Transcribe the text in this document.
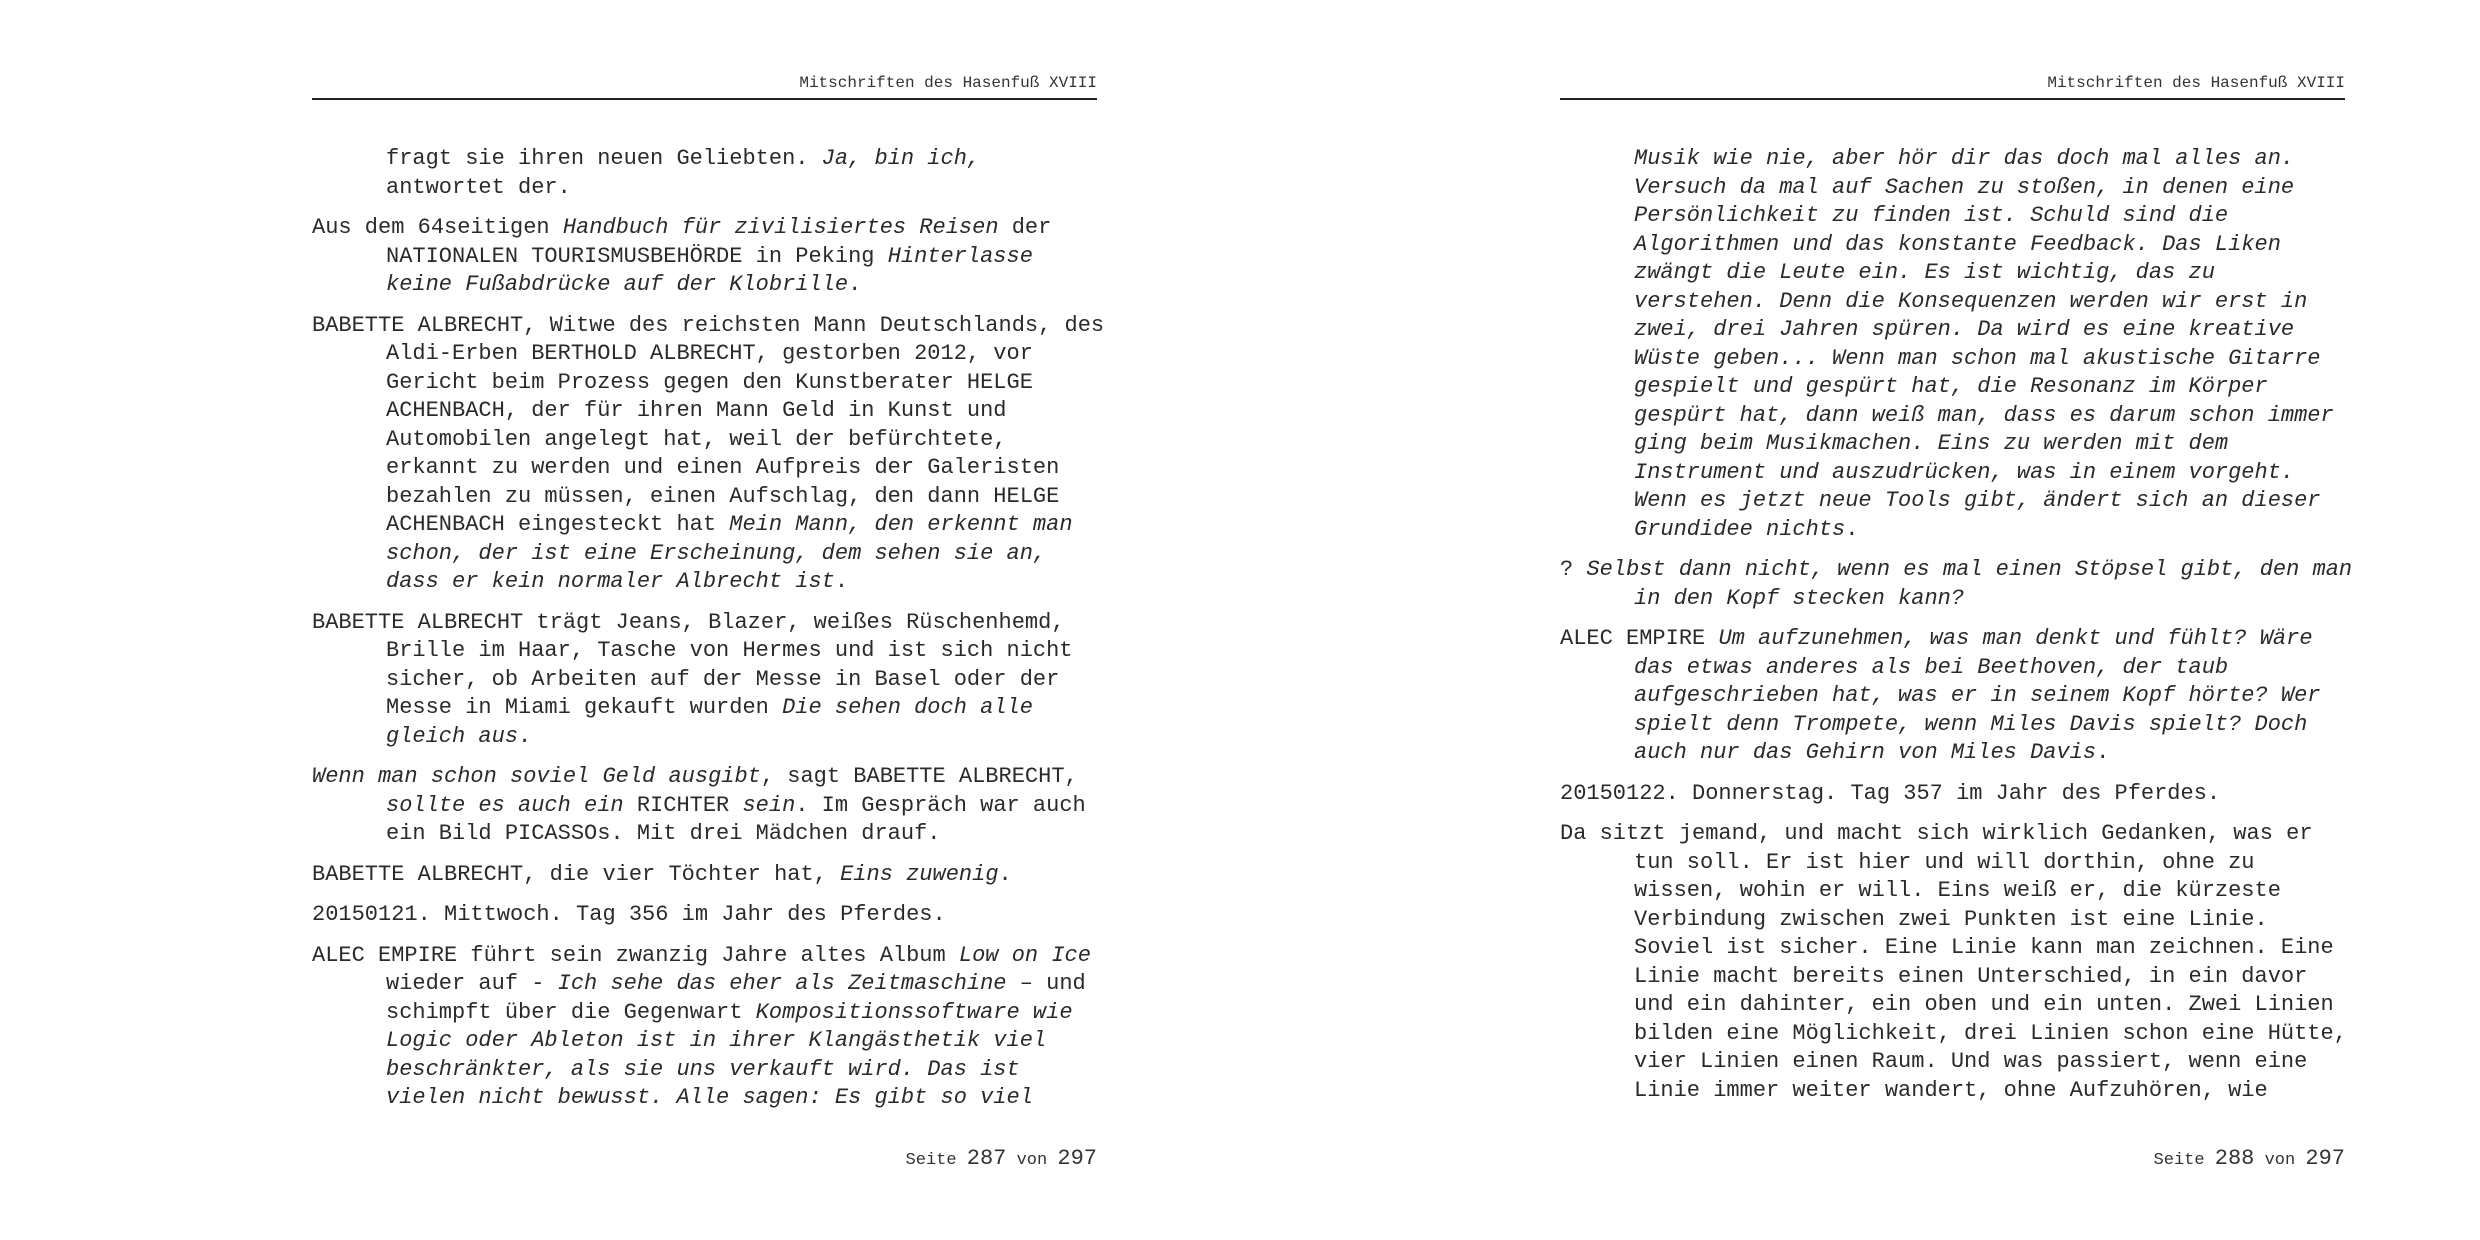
Mitschriften des Hasenfuß XVIII

fragt sie ihren neuen Geliebten. Ja, bin ich,
antwortet der.

Aus dem 64seitigen Handbuch für zivilisiertes Reisen der
NATIONALEN TOURISMUSBEHÖRDE in Peking Hinterlasse
keine Fußabdrücke auf der Klobrille.

BABETTE ALBRECHT, Witwe des reichsten Mann Deutschlands, des
Aldi-Erben BERTHOLD ALBRECHT, gestorben 2012, vor
Gericht beim Prozess gegen den Kunstberater HELGE
ACHENBACH, der für ihren Mann Geld in Kunst und
Automobilen angelegt hat, weil der befürchtete,
erkannt zu werden und einen Aufpreis der Galeristen
bezahlen zu müssen, einen Aufschlag, den dann HELGE
ACHENBACH eingesteckt hat Mein Mann, den erkennt man
schon, der ist eine Erscheinung, dem sehen sie an,
dass er kein normaler Albrecht ist.

BABETTE ALBRECHT trägt Jeans, Blazer, weißes Rüschenhemd,
Brille im Haar, Tasche von Hermes und ist sich nicht
sicher, ob Arbeiten auf der Messe in Basel oder der
Messe in Miami gekauft wurden Die sehen doch alle
gleich aus.

Wenn man schon soviel Geld ausgibt, sagt BABETTE ALBRECHT,
sollte es auch ein RICHTER sein. Im Gespräch war auch
ein Bild PICASSOs. Mit drei Mädchen drauf.

BABETTE ALBRECHT, die vier Töchter hat, Eins zuwenig.

20150121. Mittwoch. Tag 356 im Jahr des Pferdes.

ALEC EMPIRE führt sein zwanzig Jahre altes Album Low on Ice
wieder auf - Ich sehe das eher als Zeitmaschine – und
schimpft über die Gegenwart Kompositionssoftware wie
Logic oder Ableton ist in ihrer Klangästhetik viel
beschränkter, als sie uns verkauft wird. Das ist
vielen nicht bewusst. Alle sagen: Es gibt so viel

Seite 287 von 297
Mitschriften des Hasenfuß XVIII

Musik wie nie, aber hör dir das doch mal alles an.
Versuch da mal auf Sachen zu stoßen, in denen eine
Persönlichkeit zu finden ist. Schuld sind die
Algorithmen und das konstante Feedback. Das Liken
zwängt die Leute ein. Es ist wichtig, das zu
verstehen. Denn die Konsequenzen werden wir erst in
zwei, drei Jahren spüren. Da wird es eine kreative
Wüste geben... Wenn man schon mal akustische Gitarre
gespielt und gespürt hat, die Resonanz im Körper
gespürt hat, dann weiß man, dass es darum schon immer
ging beim Musikmachen. Eins zu werden mit dem
Instrument und auszudrücken, was in einem vorgeht.
Wenn es jetzt neue Tools gibt, ändert sich an dieser
Grundidee nichts.

? Selbst dann nicht, wenn es mal einen Stöpsel gibt, den man
in den Kopf stecken kann?

ALEC EMPIRE Um aufzunehmen, was man denkt und fühlt? Wäre
das etwas anderes als bei Beethoven, der taub
aufgeschrieben hat, was er in seinem Kopf hörte? Wer
spielt denn Trompete, wenn Miles Davis spielt? Doch
auch nur das Gehirn von Miles Davis.

20150122. Donnerstag. Tag 357 im Jahr des Pferdes.

Da sitzt jemand, und macht sich wirklich Gedanken, was er
tun soll. Er ist hier und will dorthin, ohne zu
wissen, wohin er will. Eins weiß er, die kürzeste
Verbindung zwischen zwei Punkten ist eine Linie.
Soviel ist sicher. Eine Linie kann man zeichnen. Eine
Linie macht bereits einen Unterschied, in ein davor
und ein dahinter, ein oben und ein unten. Zwei Linien
bilden eine Möglichkeit, drei Linien schon eine Hütte,
vier Linien einen Raum. Und was passiert, wenn eine
Linie immer weiter wandert, ohne Aufzuhören, wie

Seite 288 von 297
